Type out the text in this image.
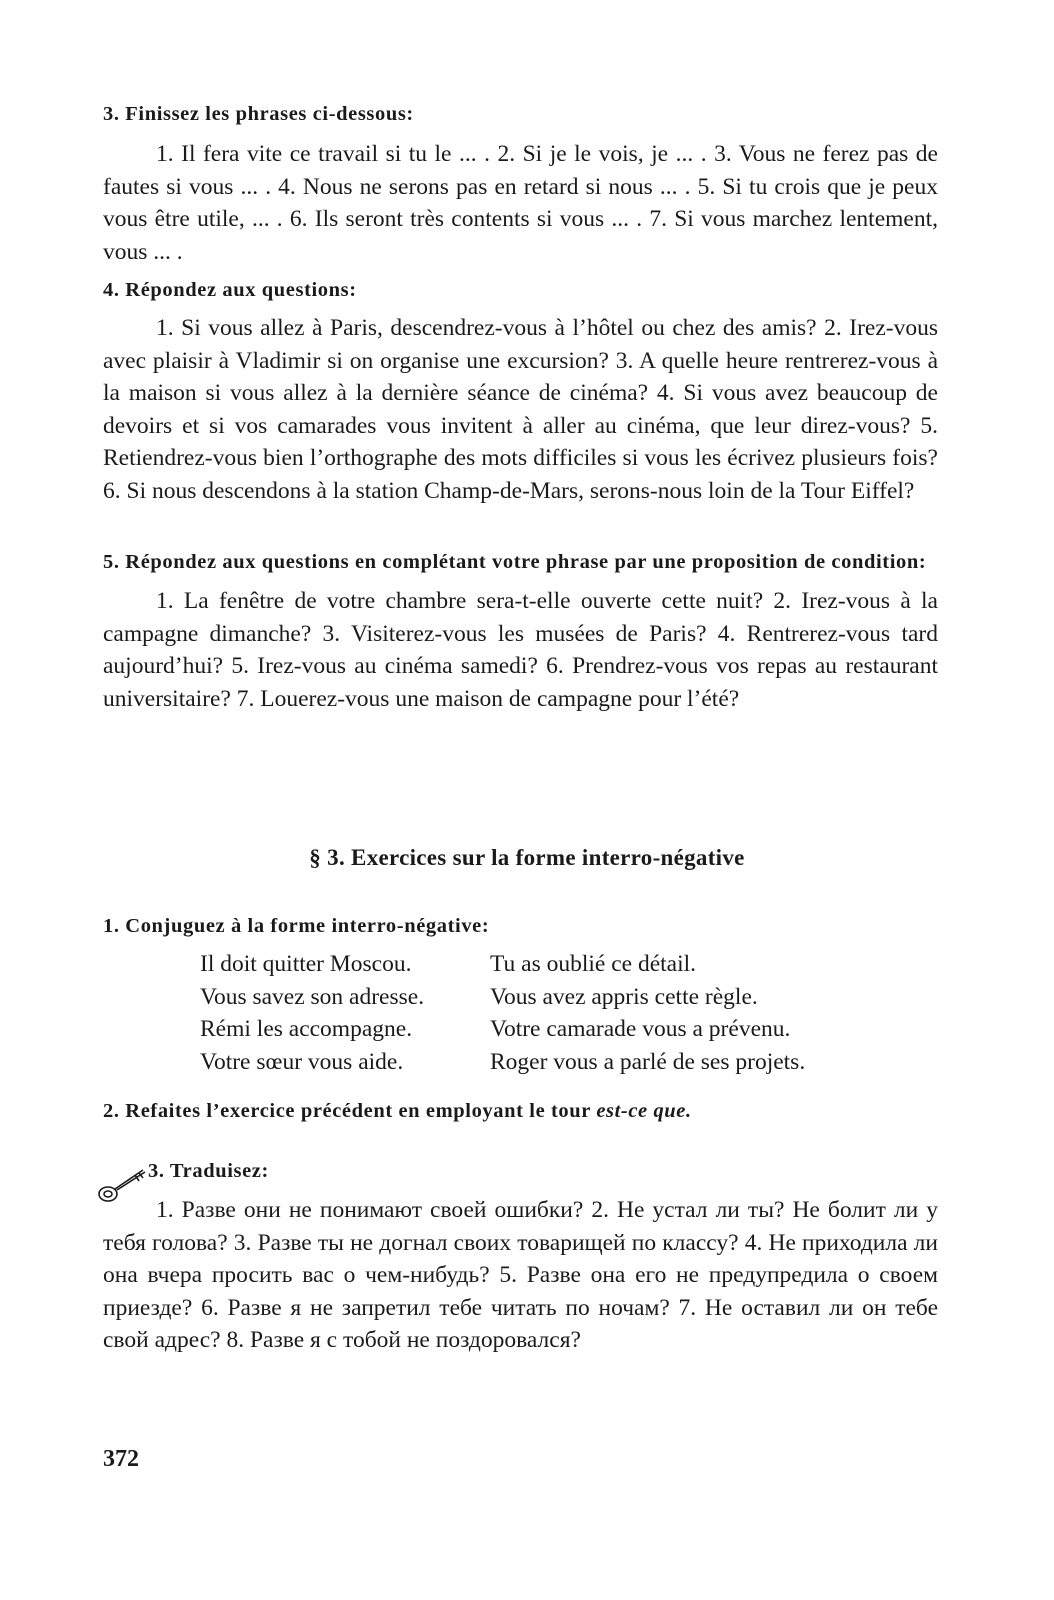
3. Finissez les phrases ci-dessous:

1. Il fera vite ce travail si tu le ... . 2. Si je le vois, je ... . 3. Vous ne ferez pas de fautes si vous ... . 4. Nous ne serons pas en retard si nous ... . 5. Si tu crois que je peux vous être utile, ... . 6. Ils seront très contents si vous ... . 7. Si vous marchez lentement, vous ... .

4. Répondez aux questions:

1. Si vous allez à Paris, descendrez-vous à l’hôtel ou chez des amis? 2. Irez-vous avec plaisir à Vladimir si on organise une excursion? 3. A quelle heure rentrerez-vous à la maison si vous allez à la dernière séance de cinéma? 4. Si vous avez beaucoup de devoirs et si vos camarades vous invitent à aller au cinéma, que leur direz-vous? 5. Retiendrez-vous bien l’orthographe des mots difficiles si vous les écrivez plusieurs fois? 6. Si nous descendons à la station Champ-de-Mars, serons-nous loin de la Tour Eiffel?

5. Répondez aux questions en complétant votre phrase par une proposition de condition:

1. La fenêtre de votre chambre sera-t-elle ouverte cette nuit? 2. Irez-vous à la campagne dimanche? 3. Visiterez-vous les musées de Paris? 4. Rentrerez-vous tard aujourd’hui? 5. Irez-vous au cinéma samedi? 6. Prendrez-vous vos repas au restaurant universitaire? 7. Louerez-vous une maison de campagne pour l’été?

§ 3. Exercices sur la forme interro-négative

1. Conjuguez à la forme interro-négative:

Il doit quitter Moscou.	Tu as oublié ce détail.
Vous savez son adresse.	Vous avez appris cette règle.
Rémi les accompagne.	Votre camarade vous a prévenu.
Votre sœur vous aide.	Roger vous a parlé de ses projets.

2. Refaites l’exercice précédent en employant le tour est-ce que.

3. Traduisez:

1. Разве они не понимают своей ошибки? 2. Не устал ли ты? Не болит ли у тебя голова? 3. Разве ты не догнал своих товарищей по классу? 4. Не приходила ли она вчера просить вас о чем-нибудь? 5. Разве она его не предупредила о своем приезде? 6. Разве я не запретил тебе читать по ночам? 7. Не оставил ли он тебе свой адрес? 8. Разве я с тобой не поздоровался?

372
